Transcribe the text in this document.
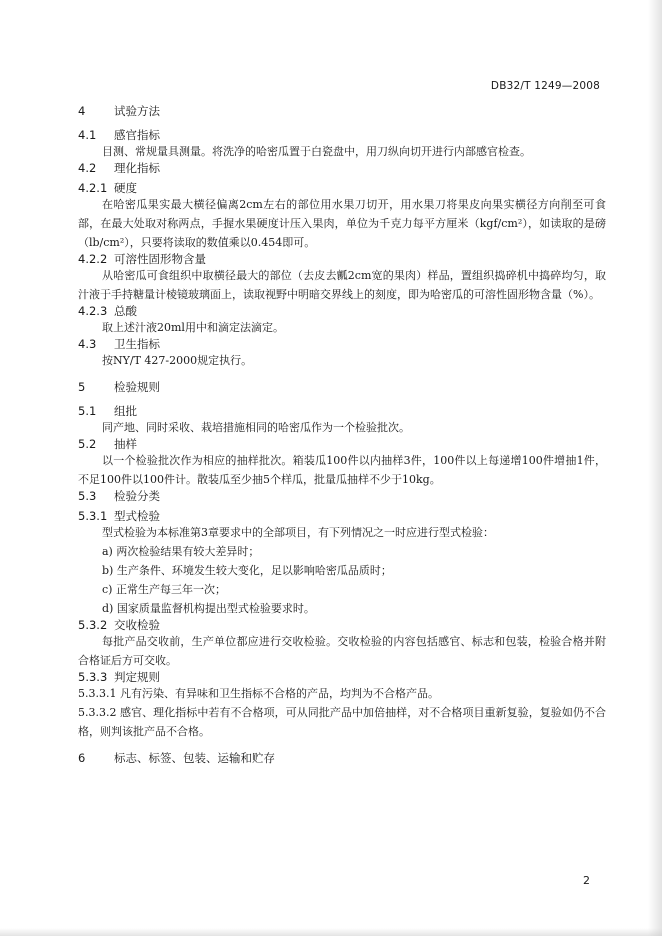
DB32/T 1249—2008
4 试验方法
4.1 感官指标
目测、常规量具测量。将洗净的哈密瓜置于白瓷盘中，用刀纵向切开进行内部感官检查。
4.2 理化指标
4.2.1 硬度
在哈密瓜果实最大横径偏离2cm左右的部位用水果刀切开，用水果刀将果皮向果实横径方向削至可食部，在最大处取对称两点，手握水果硬度计压入果肉，单位为千克力每平方厘米（kgf/cm²），如读取的是磅（lb/cm²），只要将读取的数值乘以0.454即可。
4.2.2 可溶性固形物含量
从哈密瓜可食组织中取横径最大的部位（去皮去瓤2cm宽的果肉）样品，置组织捣碎机中捣碎均匀，取汁液于手持糖量计棱镜玻璃面上，读取视野中明暗交界线上的刻度，即为哈密瓜的可溶性固形物含量（%）。
4.2.3 总酸
取上述汁液20ml用中和滴定法滴定。
4.3 卫生指标
按NY/T 427-2000规定执行。
5 检验规则
5.1 组批
同产地、同时采收、栽培措施相同的哈密瓜作为一个检验批次。
5.2 抽样
以一个检验批次作为相应的抽样批次。箱装瓜100件以内抽样3件，100件以上每递增100件增抽1件，不足100件以100件计。散装瓜至少抽5个样瓜，批量瓜抽样不少于10kg。
5.3 检验分类
5.3.1 型式检验
型式检验为本标准第3章要求中的全部项目，有下列情况之一时应进行型式检验：
a) 两次检验结果有较大差异时；
b) 生产条件、环境发生较大变化，足以影响哈密瓜品质时；
c) 正常生产每三年一次；
d) 国家质量监督机构提出型式检验要求时。
5.3.2 交收检验
每批产品交收前，生产单位都应进行交收检验。交收检验的内容包括感官、标志和包装，检验合格并附合格证后方可交收。
5.3.3 判定规则
5.3.3.1 凡有污染、有异味和卫生指标不合格的产品，均判为不合格产品。
5.3.3.2 感官、理化指标中若有不合格项，可从同批产品中加倍抽样，对不合格项目重新复验，复验如仍不合格，则判该批产品不合格。
6 标志、标签、包装、运输和贮存
2
